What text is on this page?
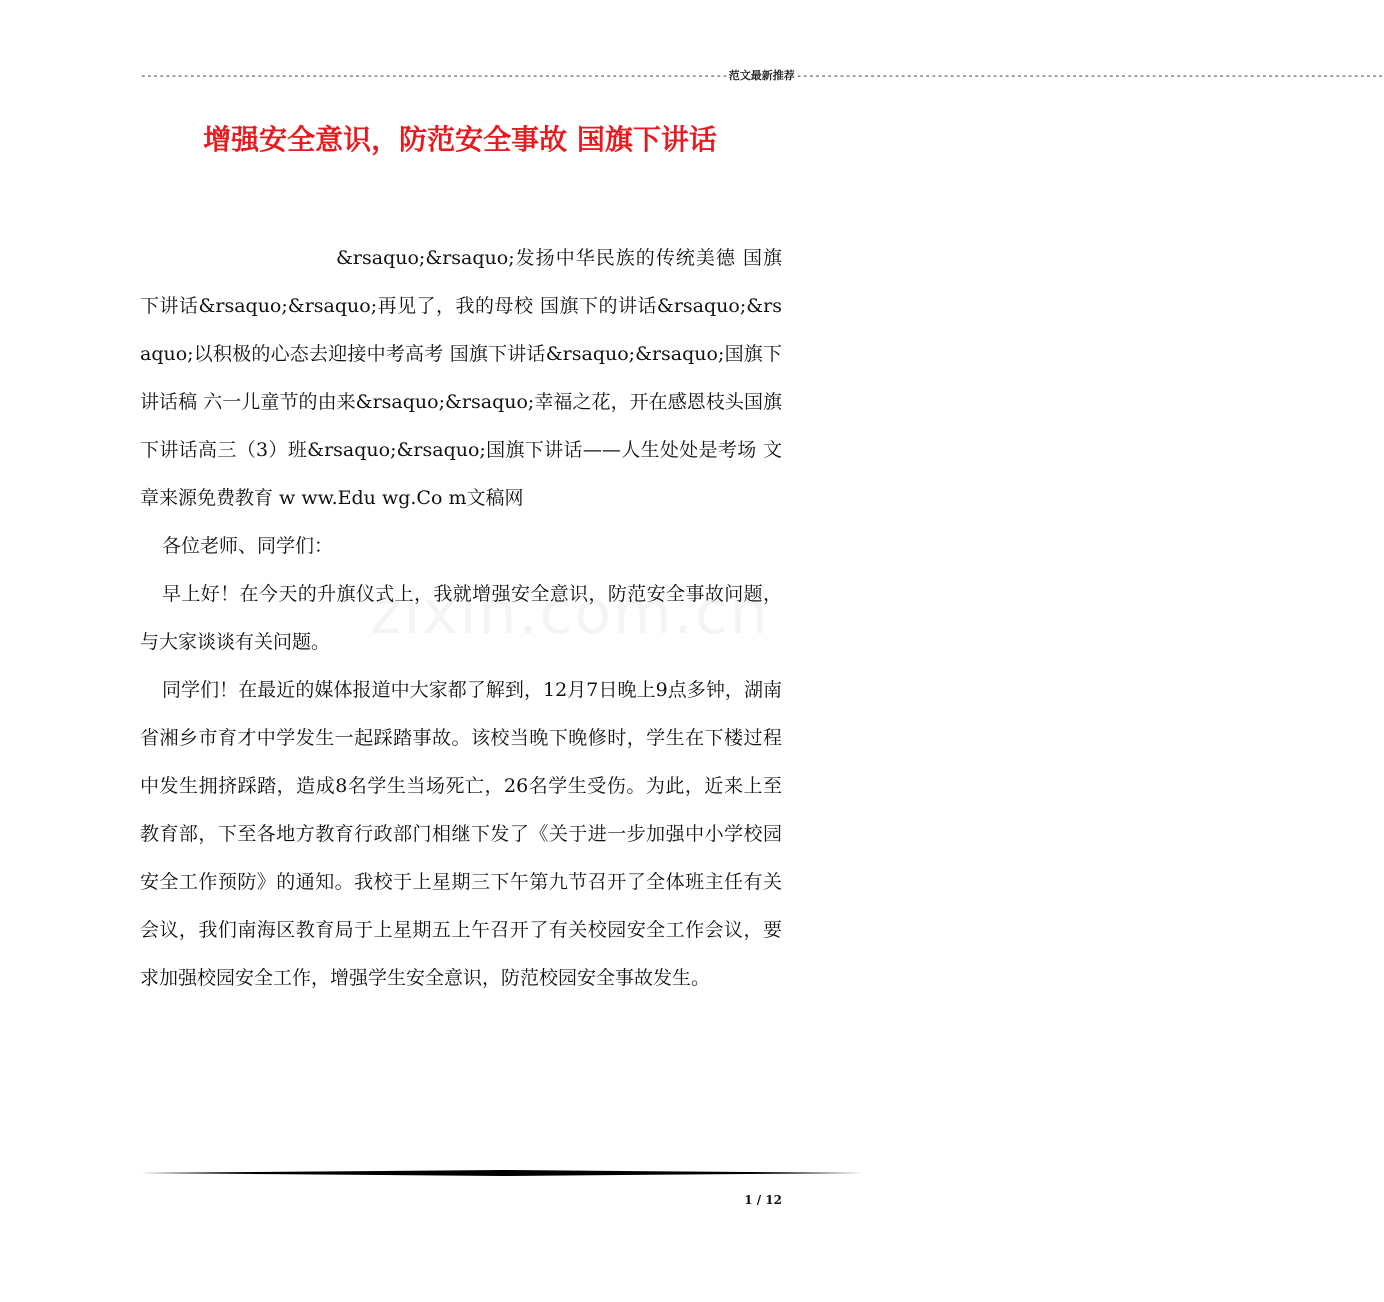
------------------------------------------------------------------------------------------------ 范文最新推荐 ------------------------------------------------------------------------------------------------
增强安全意识，防范安全事故 国旗下讲话

&rsaquo;&rsaquo;发扬中华民族的传统美德 国旗下讲话&rsaquo;&rsaquo;再见了，我的母校 国旗下的讲话&rsaquo;&rsaquo;以积极的心态去迎接中考高考 国旗下讲话&rsaquo;&rsaquo;国旗下讲话稿 六一儿童节的由来&rsaquo;&rsaquo;幸福之花，开在感恩枝头国旗下讲话高三（3）班&rsaquo;&rsaquo;国旗下讲话——人生处处是考场 文章来源免费教育 w ww.Edu wg.Co m文稿网

各位老师、同学们：

早上好！在今天的升旗仪式上，我就增强安全意识，防范安全事故问题，与大家谈谈有关问题。

同学们！在最近的媒体报道中大家都了解到，12月7日晚上9点多钟，湖南省湘乡市育才中学发生一起踩踏事故。该校当晚下晚修时，学生在下楼过程中发生拥挤踩踏，造成8名学生当场死亡，26名学生受伤。为此，近来上至教育部，下至各地方教育行政部门相继下发了《关于进一步加强中小学校园安全工作预防》的通知。我校于上星期三下午第九节召开了全体班主任有关会议，我们南海区教育局于上星期五上午召开了有关校园安全工作会议，要求加强校园安全工作，增强学生安全意识，防范校园安全事故发生。

1 / 12
